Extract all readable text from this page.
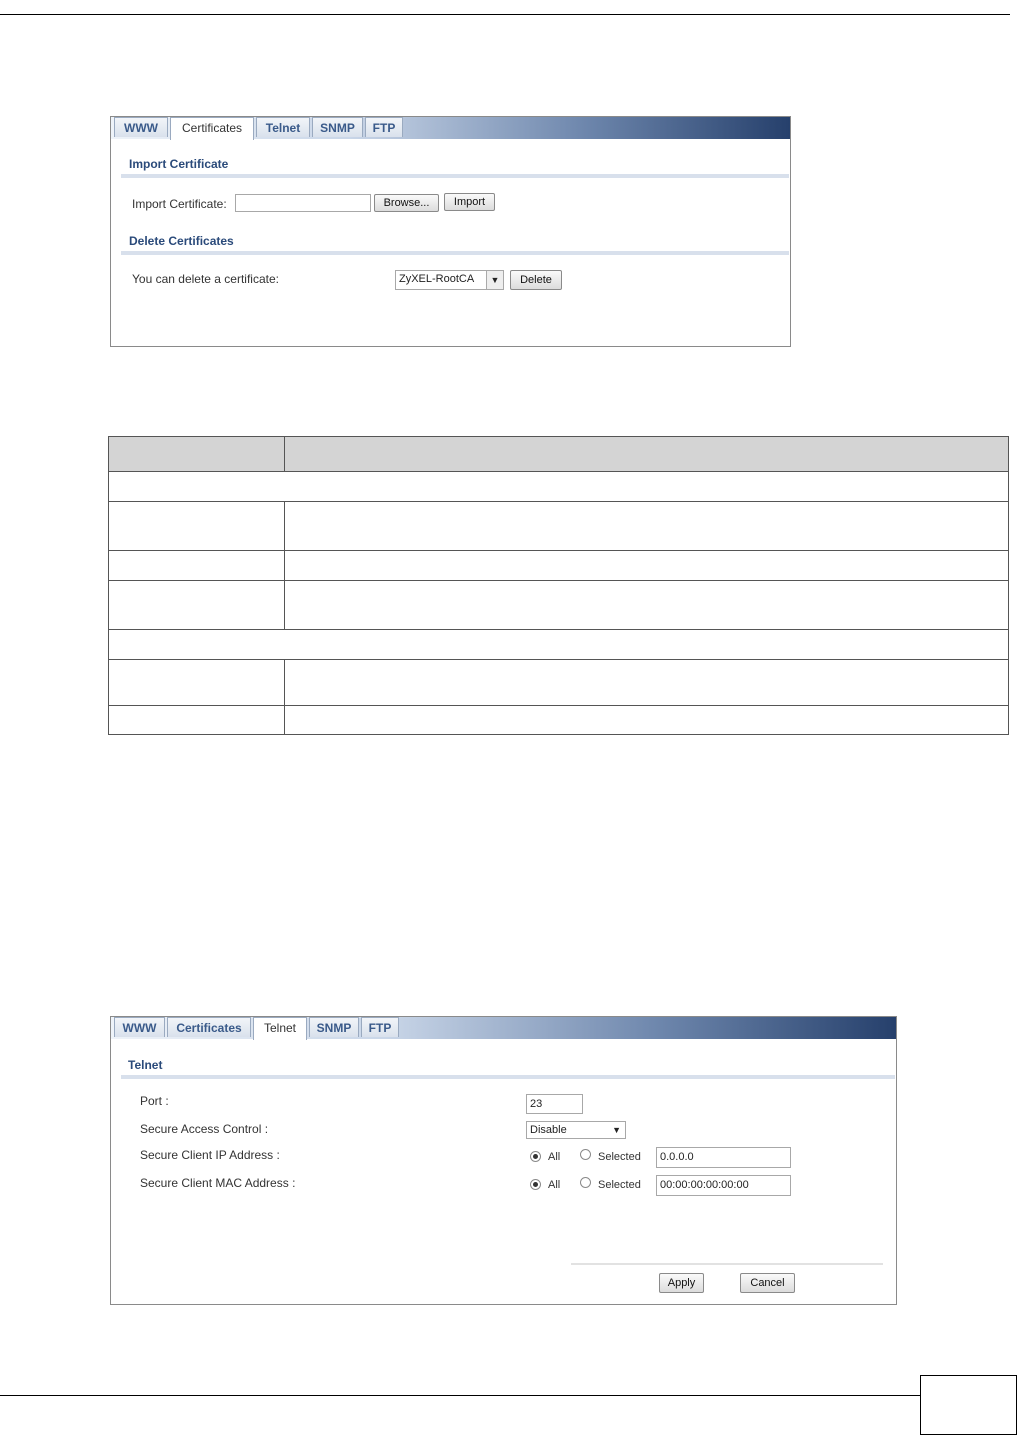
WWW	Certificates	Telnet	SNMP	FTP
Import Certificate
Import Certificate:	Browse...	Import
Delete Certificates
You can delete a certificate:	ZyXEL-RootCA	▼	Delete

WWW	Certificates	Telnet	SNMP	FTP
Telnet
Port :	23
Secure Access Control :	Disable	▼
Secure Client IP Address :	All	Selected	0.0.0.0
Secure Client MAC Address :	All	Selected	00:00:00:00:00:00
Apply	Cancel
